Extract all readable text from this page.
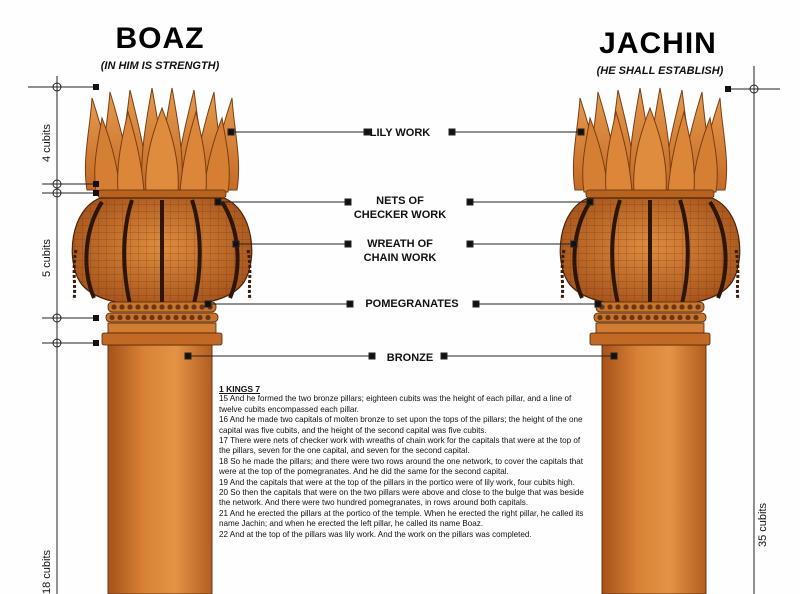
BOAZ
(IN HIM IS STRENGTH)
JACHIN
(HE SHALL ESTABLISH)
LILY WORK
NETS OF CHECKER WORK
WREATH OF CHAIN WORK
POMEGRANATES
BRONZE
4 cubits
5 cubits
18 cubits
35 cubits

1 KINGS 7

15 And he formed the two bronze pillars; eighteen cubits was the height of each pillar, and a line of twelve cubits encompassed each pillar.

16 And he made two capitals of molten bronze to set upon the tops of the pillars; the height of the one capital was five cubits, and the height of the second capital was five cubits.

17 There were nets of checker work with wreaths of chain work for the capitals that were at the top of the pillars, seven for the one capital, and seven for the second capital.

18 So he made the pillars; and there were two rows around the one network, to cover the capitals that were at the top of the pomegranates. And he did the same for the second capital.

19 And the capitals that were at the top of the pillars in the portico were of lily work, four cubits high.

20 So then the capitals that were on the two pillars were above and close to the bulge that was beside the network. And there were two hundred pomegranates, in rows around both capitals.

21 And he erected the pillars at the portico of the temple. When he erected the right pillar, he called its name Jachin; and when he erected the left pillar, he called its name Boaz.

22 And at the top of the pillars was lily work. And the work on the pillars was completed.
